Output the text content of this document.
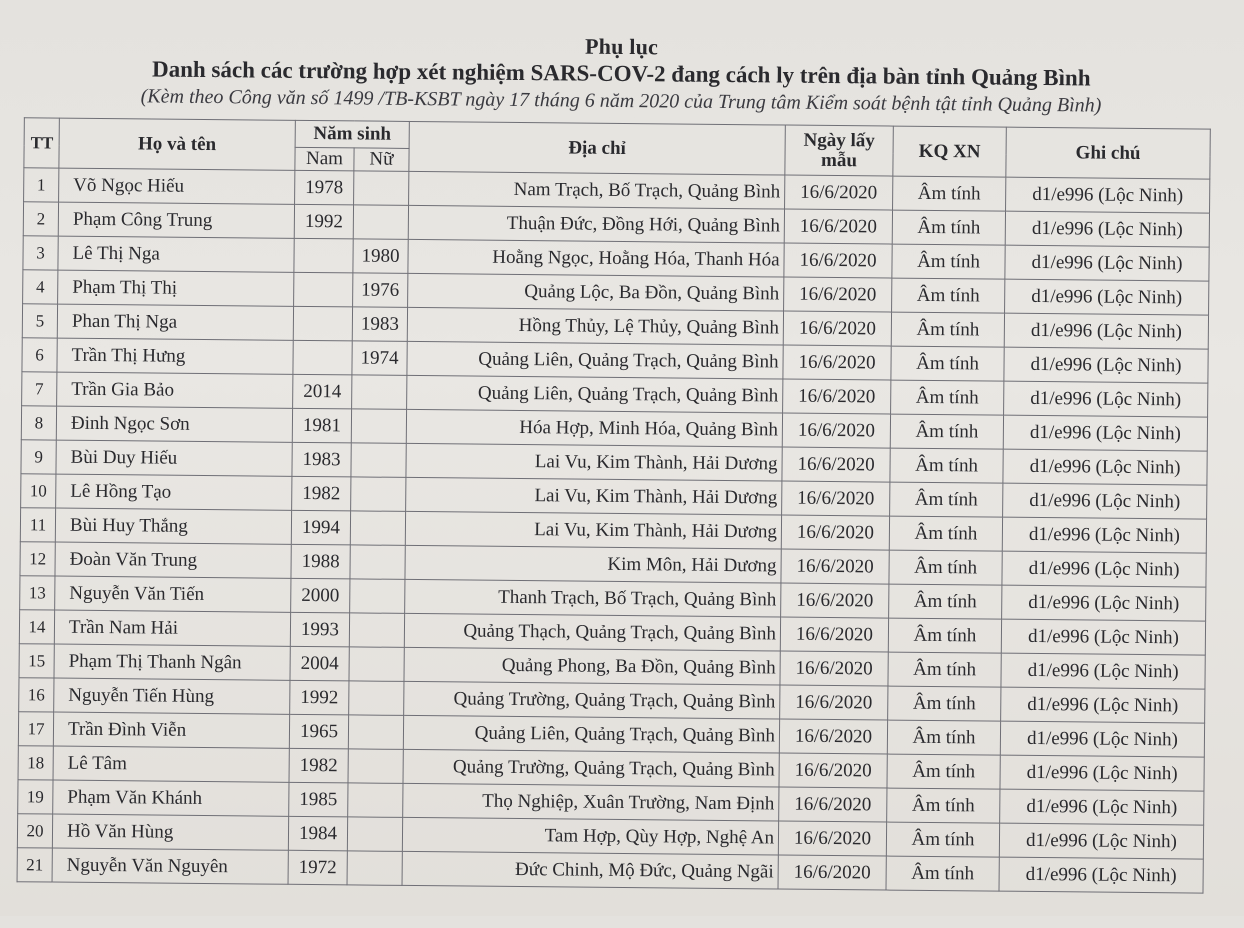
Phụ lục
Danh sách các trường hợp xét nghiệm SARS-COV-2 đang cách ly trên địa bàn tỉnh Quảng Bình
(Kèm theo Công văn số 1499 /TB-KSBT ngày 17 tháng 6 năm 2020 của Trung tâm Kiểm soát bệnh tật tỉnh Quảng Bình)
TT	Họ và tên	Năm sinh		Địa chỉ	Ngày lấy mẫu	KQ XN	Ghi chú
		Nam	Nữ				
1	Võ Ngọc Hiếu	1978		Nam Trạch, Bố Trạch, Quảng Bình	16/6/2020	Âm tính	d1/e996 (Lộc Ninh)
2	Phạm Công Trung	1992		Thuận Đức, Đồng Hới, Quảng Bình	16/6/2020	Âm tính	d1/e996 (Lộc Ninh)
3	Lê Thị Nga		1980	Hoằng Ngọc, Hoằng Hóa, Thanh Hóa	16/6/2020	Âm tính	d1/e996 (Lộc Ninh)
4	Phạm Thị Thị		1976	Quảng Lộc, Ba Đồn, Quảng Bình	16/6/2020	Âm tính	d1/e996 (Lộc Ninh)
5	Phan Thị Nga		1983	Hồng Thủy, Lệ Thủy, Quảng Bình	16/6/2020	Âm tính	d1/e996 (Lộc Ninh)
6	Trần Thị Hưng		1974	Quảng Liên, Quảng Trạch, Quảng Bình	16/6/2020	Âm tính	d1/e996 (Lộc Ninh)
7	Trần Gia Bảo	2014		Quảng Liên, Quảng Trạch, Quảng Bình	16/6/2020	Âm tính	d1/e996 (Lộc Ninh)
8	Đinh Ngọc Sơn	1981		Hóa Hợp, Minh Hóa, Quảng Bình	16/6/2020	Âm tính	d1/e996 (Lộc Ninh)
9	Bùi Duy Hiếu	1983		Lai Vu, Kim Thành, Hải Dương	16/6/2020	Âm tính	d1/e996 (Lộc Ninh)
10	Lê Hồng Tạo	1982		Lai Vu, Kim Thành, Hải Dương	16/6/2020	Âm tính	d1/e996 (Lộc Ninh)
11	Bùi Huy Thắng	1994		Lai Vu, Kim Thành, Hải Dương	16/6/2020	Âm tính	d1/e996 (Lộc Ninh)
12	Đoàn Văn Trung	1988		Kim Môn, Hải Dương	16/6/2020	Âm tính	d1/e996 (Lộc Ninh)
13	Nguyễn Văn Tiến	2000		Thanh Trạch, Bố Trạch, Quảng Bình	16/6/2020	Âm tính	d1/e996 (Lộc Ninh)
14	Trần Nam Hải	1993		Quảng Thạch, Quảng Trạch, Quảng Bình	16/6/2020	Âm tính	d1/e996 (Lộc Ninh)
15	Phạm Thị Thanh Ngân	2004		Quảng Phong, Ba Đồn, Quảng Bình	16/6/2020	Âm tính	d1/e996 (Lộc Ninh)
16	Nguyễn Tiến Hùng	1992		Quảng Trường, Quảng Trạch, Quảng Bình	16/6/2020	Âm tính	d1/e996 (Lộc Ninh)
17	Trần Đình Viễn	1965		Quảng Liên, Quảng Trạch, Quảng Bình	16/6/2020	Âm tính	d1/e996 (Lộc Ninh)
18	Lê Tâm	1982		Quảng Trường, Quảng Trạch, Quảng Bình	16/6/2020	Âm tính	d1/e996 (Lộc Ninh)
19	Phạm Văn Khánh	1985		Thọ Nghiệp, Xuân Trường, Nam Định	16/6/2020	Âm tính	d1/e996 (Lộc Ninh)
20	Hồ Văn Hùng	1984		Tam Hợp, Qùy Hợp, Nghệ An	16/6/2020	Âm tính	d1/e996 (Lộc Ninh)
21	Nguyễn Văn Nguyên	1972		Đức Chinh, Mộ Đức, Quảng Ngãi	16/6/2020	Âm tính	d1/e996 (Lộc Ninh)
